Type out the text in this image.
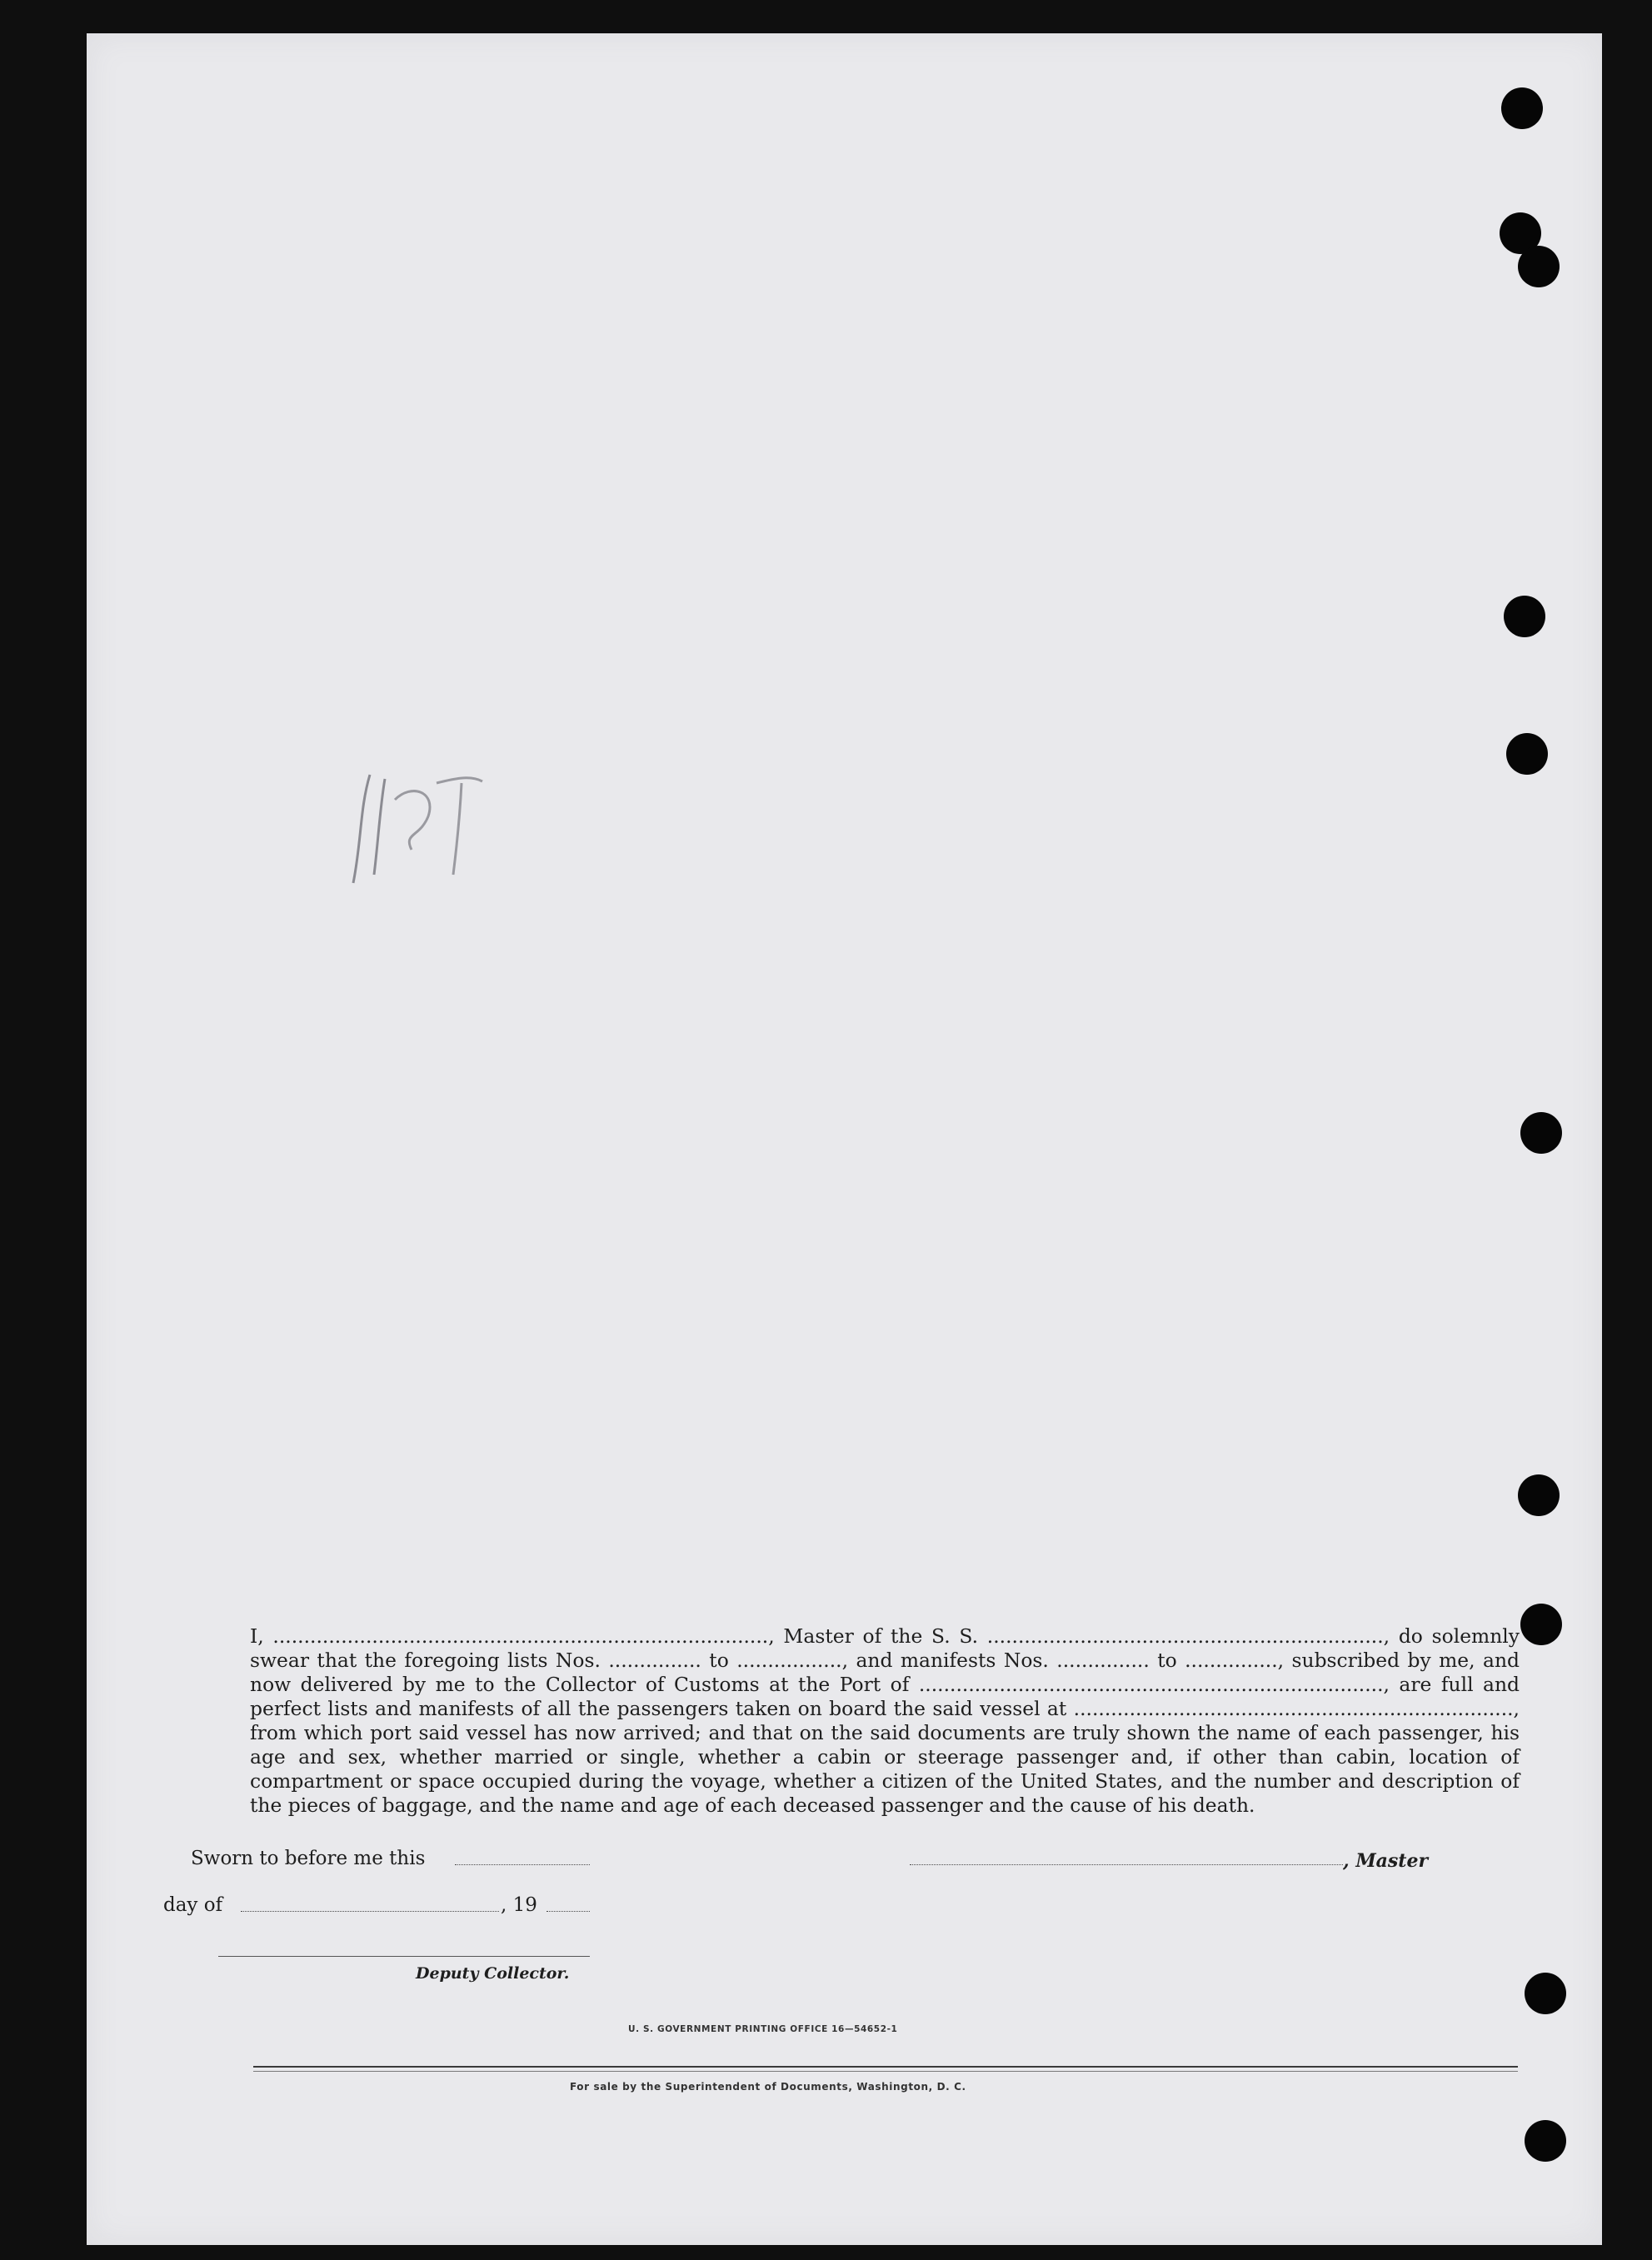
I, ................................................................................, Master of the S. S. ................................................................, do solemnly swear that the foregoing lists Nos. ............... to ................., and manifests Nos. ............... to ..............., subscribed by me, and now delivered by me to the Collector of Customs at the Port of ..........................................................................., are full and perfect lists and manifests of all the passengers taken on board the said vessel at ......................................................................., from which port said vessel has now arrived; and that on the said documents are truly shown the name of each passenger, his age and sex, whether married or single, whether a cabin or steerage passenger and, if other than cabin, location of compartment or space occupied during the voyage, whether a citizen of the United States, and the number and description of the pieces of baggage, and the name and age of each deceased passenger and the cause of his death.

Sworn to before me this	, Master
day of	, 19
Deputy Collector.
U. S. GOVERNMENT PRINTING OFFICE 16—54652-1
For sale by the Superintendent of Documents, Washington, D. C.
